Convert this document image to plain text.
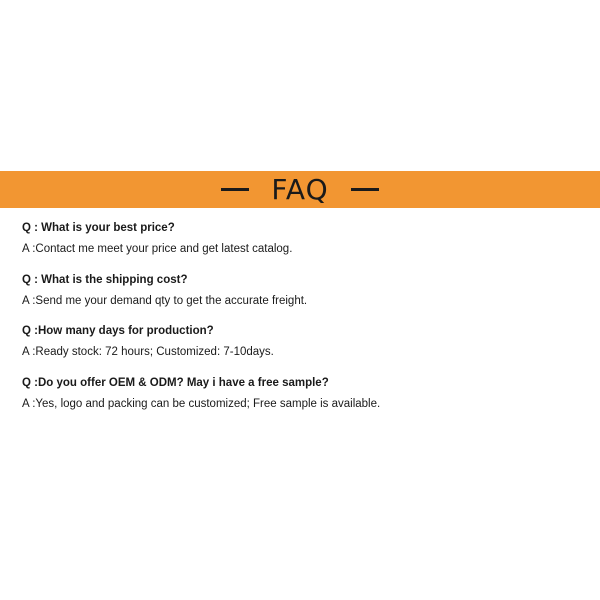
FAQ

Q : What is your best price?

A :Contact me meet your price and get latest catalog.

Q : What is the shipping cost?

A :Send me your demand qty to get the accurate freight.

Q :How many days for production?

A :Ready stock: 72 hours; Customized: 7-10days.

Q :Do you offer OEM & ODM? May i have a free sample?

A :Yes, logo and packing can be customized; Free sample is available.
